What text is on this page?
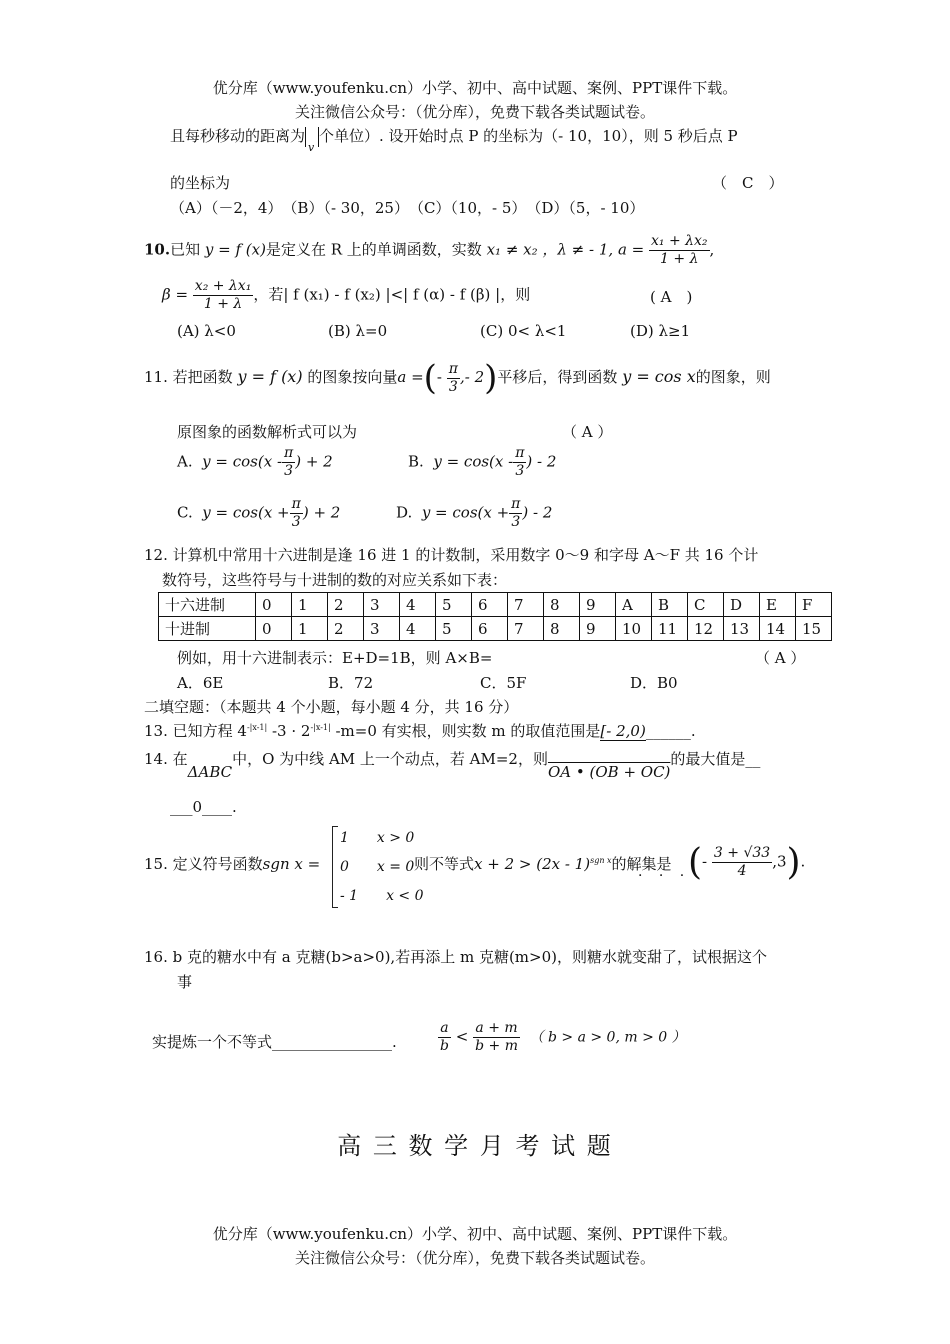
优分库（www.youfenku.cn）小学、初中、高中试题、案例、PPT课件下载。
关注微信公众号：（优分库），免费下载各类试题试卷。
且每秒移动的距离为
v
个单位）. 设开始时点 P 的坐标为（- 10，10），则 5 秒后点 P
的坐标为	（　C　）
（A）（－2，4）　（B）（- 30，25）　（C）（10，- 5）　（D）（5，- 10）
10.已知 y = f (x)是定义在 R 上的单调函数，实数 x₁ ≠ x₂ ，λ ≠ - 1, $a = \frac{\text{x₁ + λx₂}}{1 + \lambda}$ ,
$\beta = \frac{\text{x₂ + λx₁}}{1 + \lambda}$ ，若| f (x₁) - f (x₂) |<| f (α) - f (β) |，则	( A　)
(A) λ<0	(B) λ=0	(C) 0< λ<1	(D) λ≥1
11. 若把函数 y = f (x) 的图象按向量a =(- $\frac{\pi}{3}$ ,- 2)平移后，得到函数 y = cos x的图象，则
原图象的函数解析式可以为	（ A ）
A. $y = \cos(x - \frac{\pi}{3}$ ) + 2	B. $y = \cos(x - \frac{\pi}{3}$ ) - 2
C. $y = \cos(x + \frac{\pi}{3}$ ) + 2	D. $y = \cos(x + \frac{\pi}{3}$ ) - 2
12. 计算机中常用十六进制是逢 16 进 1 的计数制，采用数字 0～9 和字母 A～F 共 16 个计
数符号，这些符号与十进制的数的对应关系如下表：
十六进制	0	1	2	3	4	5	6	7	8	9	A	B	C	D	E	F
十进制	0	1	2	3	4	5	6	7	8	9	10	11	12	13	14	15
例如，用十六进制表示：E+D=1B，则 A×B=	（ A ）
A．6E	B．72	C．5F	D．B0
二填空题：（本题共 4 个小题，每小题 4 分，共 16 分）
13. 已知方程 $4^{-|x-1|}$ $-3 \cdot 2^{-|x-1|}$ -m=0 有实根，则实数 m 的取值范围是[- 2,0)______.
14. 在ΔABC中，O 为中线 AM 上一个动点，若 AM=2，则OA • (OB + OC)的最大值是__
___0____.
15. 定义符号函数sgn x =
1　　x > 0
0　　x = 0
- 1　　x < 0
则不等式x + 2 > (2x - 1)$^{sgn x}$的解集是
· · ·
(- $\frac{3 + √33}{4} ,3$).
16. b 克的糖水中有 a 克糖(b>a>0),若再添上 m 克糖(m>0)，则糖水就变甜了，试根据这个
事
实提炼一个不等式________________.	$\frac{a}{b} < \frac{a + m}{b + m}$ （ b > a > 0, m > 0 ）
高 三 数 学 月 考 试 题
优分库（www.youfenku.cn）小学、初中、高中试题、案例、PPT课件下载。
关注微信公众号：（优分库），免费下载各类试题试卷。
